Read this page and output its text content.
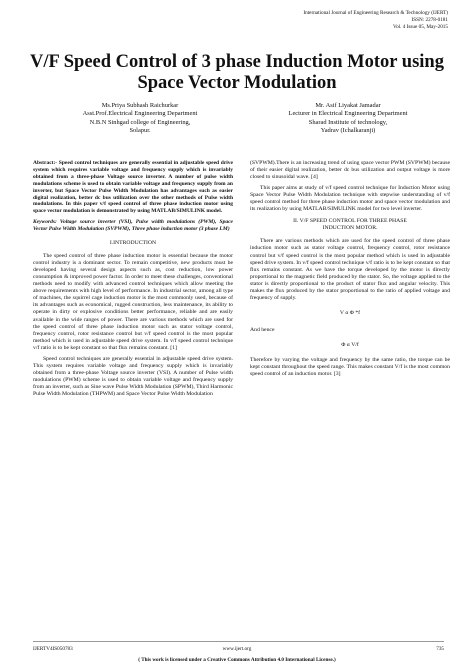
International Journal of Engineering Research & Technology (IJERT)
ISSN: 2278-0181
Vol. 4 Issue 05, May-2015
V/F Speed Control of 3 phase Induction Motor using Space Vector Modulation
Ms.Priya Subhash Raichurkar
Asst.Prof.Electrical Engineering Department
N.B.N Sinhgad college of Engineering,
Solapur.
Mr. Asif Liyakat Jamadar
Lecturer in Electrical Engineering Department
Sharad Institute of technology,
Yadrav (Ichalkaranji)

Abstract:- Speed control techniques are generally essential in adjustable speed drive system which requires variable voltage and frequency supply which is invariably obtained from a three-phase Voltage source inverter. A number of pulse width modulations scheme is used to obtain variable voltage and frequency supply from an inverter, but Space Vector Pulse Width Modulation has advantages such as easier digital realization, better dc bus utilization over the other methods of Pulse width modulations. In this paper v/f speed control of three phase induction motor using space vector modulation is demonstrated by using MATLAB/SIMULINK model.

Keywords: Voltage source inverter (VSI), Pulse width modulations (PWM), Space Vector Pulse Width Modulation (SVPWM), Three phase induction motor (3 phase I.M)

I.INTRODUCTION

The speed control of three phase induction motor is essential because the motor control industry is a dominant sector. To remain competitive, new products must be developed having several design aspects such as, cost reduction, low power consumption & improved power factor. In order to meet these challenges, conventional methods need to modify with advanced control techniques which allow meeting the above requirements with high level of performance. In industrial sector, among all type of machines, the squirrel cage induction motor is the most commonly used, because of its advantages such as economical, rugged construction, less maintenance, its ability to operate in dirty or explosive conditions better performance, reliable and are easily available in the wide ranges of power. There are various methods which are used for the speed control of three phase induction motor such as stator voltage control, frequency control, rotor resistance control but v/f speed control is the most popular method which is used in adjustable speed drive system. In v/f speed control technique v/f ratio is to be kept constant so that flux remains constant. [1]

Speed control techniques are generally essential in adjustable speed drive system. This system requires variable voltage and frequency supply which is invariably obtained from a three-phase Voltage source inverter (VSI). A number of Pulse width modulations (PWM) scheme is used to obtain variable voltage and frequency supply from an inverter, such as Sine wave Pulse Width Modulation (SPWM), Third Harmonic Pulse Width Modulation (THPWM) and Space Vector Pulse Width Modulation

(SVPWM).There is an increasing trend of using space vector PWM (SVPWM) because of their easier digital realization, better dc bus utilization and output voltage is more closed to sinusoidal wave. [4]

This paper aims at study of v/f speed control technique for Induction Motor using Space Vector Pulse Width Modulation technique with stepwise understanding of v/f speed control method for three phase induction motor and space vector modulation and its realization by using MATLAB/SIMULINK model for two level inverter.

II. V/F SPEED CONTROL FOR THREE PHASE
INDUCTION MOTOR.

There are various methods which are used for the speed control of three phase induction motor such as stator voltage control, frequency control, rotor resistance control but v/f speed control is the most popular method which is used in adjustable speed drive system. In v/f speed control technique v/f ratio is to be kept constant so that flux remains constant. As we have the torque developed by the motor is directly proportional to the magnetic field produced by the stator. So, the voltage applied to the stator is directly proportional to the product of stator flux and angular velocity. This makes the flux produced by the stator proportional to the ratio of applied voltage and frequency of supply.

V α Φ *f
And hence
Φ α V/f

Therefore by varying the voltage and frequency by the same ratio, the torque can be kept constant throughout the speed range. This makes constant V/f is the most common speed control of an induction motor. [3]

IJERTV4IS050783	www.ijert.org	735
( This work is licensed under a Creative Commons Attribution 4.0 International License.)
